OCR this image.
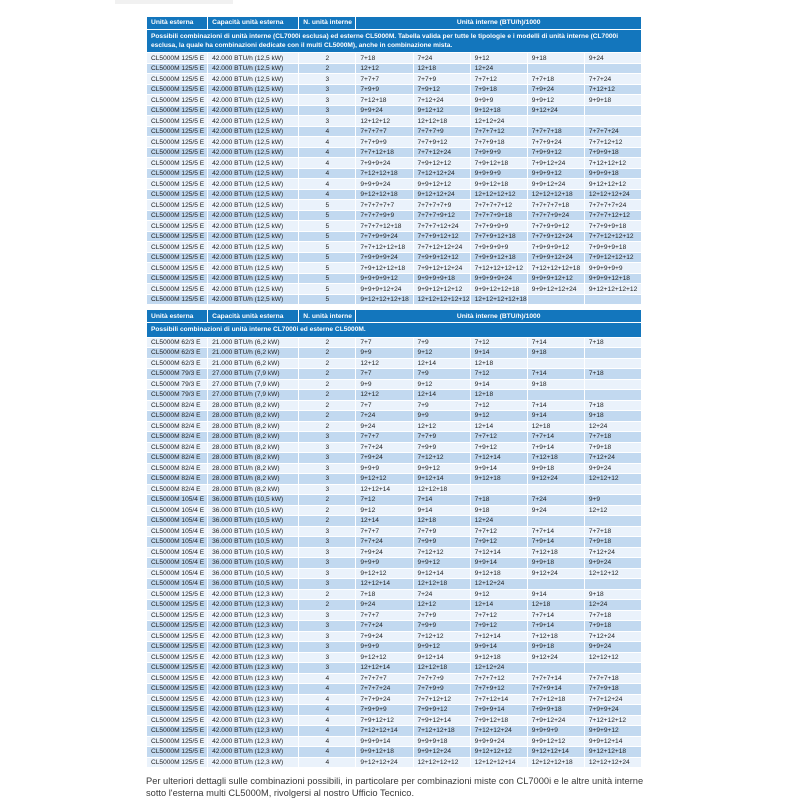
Unità esterna	Capacità unità esterna	N. unità interne	Unità interne (BTU/h)/1000				
Possibili combinazioni di unità interne (CL7000i esclusa) ed esterne CL5000M. Tabella valida per tutte le tipologie e i modelli di unità interne (CL7000i esclusa, la quale ha combinazioni dedicate con il multi CL5000M), anche in combinazione mista.							
CL5000M 125/5 E	42.000 BTU/h (12,5 kW)	2	7+18	7+24	9+12	9+18	9+24
CL5000M 125/5 E	42.000 BTU/h (12,5 kW)	2	12+12	12+18	12+24		
CL5000M 125/5 E	42.000 BTU/h (12,5 kW)	3	7+7+7	7+7+9	7+7+12	7+7+18	7+7+24
CL5000M 125/5 E	42.000 BTU/h (12,5 kW)	3	7+9+9	7+9+12	7+9+18	7+9+24	7+12+12
CL5000M 125/5 E	42.000 BTU/h (12,5 kW)	3	7+12+18	7+12+24	9+9+9	9+9+12	9+9+18
CL5000M 125/5 E	42.000 BTU/h (12,5 kW)	3	9+9+24	9+12+12	9+12+18	9+12+24	
CL5000M 125/5 E	42.000 BTU/h (12,5 kW)	3	12+12+12	12+12+18	12+12+24		
CL5000M 125/5 E	42.000 BTU/h (12,5 kW)	4	7+7+7+7	7+7+7+9	7+7+7+12	7+7+7+18	7+7+7+24
CL5000M 125/5 E	42.000 BTU/h (12,5 kW)	4	7+7+9+9	7+7+9+12	7+7+9+18	7+7+9+24	7+7+12+12
CL5000M 125/5 E	42.000 BTU/h (12,5 kW)	4	7+7+12+18	7+7+12+24	7+9+9+9	7+9+9+12	7+9+9+18
CL5000M 125/5 E	42.000 BTU/h (12,5 kW)	4	7+9+9+24	7+9+12+12	7+9+12+18	7+9+12+24	7+12+12+12
CL5000M 125/5 E	42.000 BTU/h (12,5 kW)	4	7+12+12+18	7+12+12+24	9+9+9+9	9+9+9+12	9+9+9+18
CL5000M 125/5 E	42.000 BTU/h (12,5 kW)	4	9+9+9+24	9+9+12+12	9+9+12+18	9+9+12+24	9+12+12+12
CL5000M 125/5 E	42.000 BTU/h (12,5 kW)	4	9+12+12+18	9+12+12+24	12+12+12+12	12+12+12+18	12+12+12+24
CL5000M 125/5 E	42.000 BTU/h (12,5 kW)	5	7+7+7+7+7	7+7+7+7+9	7+7+7+7+12	7+7+7+7+18	7+7+7+7+24
CL5000M 125/5 E	42.000 BTU/h (12,5 kW)	5	7+7+7+9+9	7+7+7+9+12	7+7+7+9+18	7+7+7+9+24	7+7+7+12+12
CL5000M 125/5 E	42.000 BTU/h (12,5 kW)	5	7+7+7+12+18	7+7+7+12+24	7+7+9+9+9	7+7+9+9+12	7+7+9+9+18
CL5000M 125/5 E	42.000 BTU/h (12,5 kW)	5	7+7+9+9+24	7+7+9+12+12	7+7+9+12+18	7+7+9+12+24	7+7+12+12+12
CL5000M 125/5 E	42.000 BTU/h (12,5 kW)	5	7+7+12+12+18	7+7+12+12+24	7+9+9+9+9	7+9+9+9+12	7+9+9+9+18
CL5000M 125/5 E	42.000 BTU/h (12,5 kW)	5	7+9+9+9+24	7+9+9+12+12	7+9+9+12+18	7+9+9+12+24	7+9+12+12+12
CL5000M 125/5 E	42.000 BTU/h (12,5 kW)	5	7+9+12+12+18	7+9+12+12+24	7+12+12+12+12	7+12+12+12+18	9+9+9+9+9
CL5000M 125/5 E	42.000 BTU/h (12,5 kW)	5	9+9+9+9+12	9+9+9+9+18	9+9+9+9+24	9+9+9+12+12	9+9+9+12+18
CL5000M 125/5 E	42.000 BTU/h (12,5 kW)	5	9+9+9+12+24	9+9+12+12+12	9+9+12+12+18	9+9+12+12+24	9+12+12+12+12
CL5000M 125/5 E	42.000 BTU/h (12,5 kW)	5	9+12+12+12+18	12+12+12+12+12	12+12+12+12+18		
Unità esterna	Capacità unità esterna	N. unità interne	Unità interne (BTU/h)/1000				
Possibili combinazioni di unità interne CL7000i ed esterne CL5000M.							
CL5000M 62/3 E	21.000 BTU/h (6,2 kW)	2	7+7	7+9	7+12	7+14	7+18
CL5000M 62/3 E	21.000 BTU/h (6,2 kW)	2	9+9	9+12	9+14	9+18	
CL5000M 62/3 E	21.000 BTU/h (6,2 kW)	2	12+12	12+14	12+18		
CL5000M 79/3 E	27.000 BTU/h (7,9 kW)	2	7+7	7+9	7+12	7+14	7+18
CL5000M 79/3 E	27.000 BTU/h (7,9 kW)	2	9+9	9+12	9+14	9+18	
CL5000M 79/3 E	27.000 BTU/h (7,9 kW)	2	12+12	12+14	12+18		
CL5000M 82/4 E	28.000 BTU/h (8,2 kW)	2	7+7	7+9	7+12	7+14	7+18
CL5000M 82/4 E	28.000 BTU/h (8,2 kW)	2	7+24	9+9	9+12	9+14	9+18
CL5000M 82/4 E	28.000 BTU/h (8,2 kW)	2	9+24	12+12	12+14	12+18	12+24
CL5000M 82/4 E	28.000 BTU/h (8,2 kW)	3	7+7+7	7+7+9	7+7+12	7+7+14	7+7+18
CL5000M 82/4 E	28.000 BTU/h (8,2 kW)	3	7+7+24	7+9+9	7+9+12	7+9+14	7+9+18
CL5000M 82/4 E	28.000 BTU/h (8,2 kW)	3	7+9+24	7+12+12	7+12+14	7+12+18	7+12+24
CL5000M 82/4 E	28.000 BTU/h (8,2 kW)	3	9+9+9	9+9+12	9+9+14	9+9+18	9+9+24
CL5000M 82/4 E	28.000 BTU/h (8,2 kW)	3	9+12+12	9+12+14	9+12+18	9+12+24	12+12+12
CL5000M 82/4 E	28.000 BTU/h (8,2 kW)	3	12+12+14	12+12+18			
CL5000M 105/4 E	36.000 BTU/h (10,5 kW)	2	7+12	7+14	7+18	7+24	9+9
CL5000M 105/4 E	36.000 BTU/h (10,5 kW)	2	9+12	9+14	9+18	9+24	12+12
CL5000M 105/4 E	36.000 BTU/h (10,5 kW)	2	12+14	12+18	12+24		
CL5000M 105/4 E	36.000 BTU/h (10,5 kW)	3	7+7+7	7+7+9	7+7+12	7+7+14	7+7+18
CL5000M 105/4 E	36.000 BTU/h (10,5 kW)	3	7+7+24	7+9+9	7+9+12	7+9+14	7+9+18
CL5000M 105/4 E	36.000 BTU/h (10,5 kW)	3	7+9+24	7+12+12	7+12+14	7+12+18	7+12+24
CL5000M 105/4 E	36.000 BTU/h (10,5 kW)	3	9+9+9	9+9+12	9+9+14	9+9+18	9+9+24
CL5000M 105/4 E	36.000 BTU/h (10,5 kW)	3	9+12+12	9+12+14	9+12+18	9+12+24	12+12+12
CL5000M 105/4 E	36.000 BTU/h (10,5 kW)	3	12+12+14	12+12+18	12+12+24		
CL5000M 125/5 E	42.000 BTU/h (12,3 kW)	2	7+18	7+24	9+12	9+14	9+18
CL5000M 125/5 E	42.000 BTU/h (12,3 kW)	2	9+24	12+12	12+14	12+18	12+24
CL5000M 125/5 E	42.000 BTU/h (12,3 kW)	3	7+7+7	7+7+9	7+7+12	7+7+14	7+7+18
CL5000M 125/5 E	42.000 BTU/h (12,3 kW)	3	7+7+24	7+9+9	7+9+12	7+9+14	7+9+18
CL5000M 125/5 E	42.000 BTU/h (12,3 kW)	3	7+9+24	7+12+12	7+12+14	7+12+18	7+12+24
CL5000M 125/5 E	42.000 BTU/h (12,3 kW)	3	9+9+9	9+9+12	9+9+14	9+9+18	9+9+24
CL5000M 125/5 E	42.000 BTU/h (12,3 kW)	3	9+12+12	9+12+14	9+12+18	9+12+24	12+12+12
CL5000M 125/5 E	42.000 BTU/h (12,3 kW)	3	12+12+14	12+12+18	12+12+24		
CL5000M 125/5 E	42.000 BTU/h (12,3 kW)	4	7+7+7+7	7+7+7+9	7+7+7+12	7+7+7+14	7+7+7+18
CL5000M 125/5 E	42.000 BTU/h (12,3 kW)	4	7+7+7+24	7+7+9+9	7+7+9+12	7+7+9+14	7+7+9+18
CL5000M 125/5 E	42.000 BTU/h (12,3 kW)	4	7+7+9+24	7+7+12+12	7+7+12+14	7+7+12+18	7+7+12+24
CL5000M 125/5 E	42.000 BTU/h (12,3 kW)	4	7+9+9+9	7+9+9+12	7+9+9+14	7+9+9+18	7+9+9+24
CL5000M 125/5 E	42.000 BTU/h (12,3 kW)	4	7+9+12+12	7+9+12+14	7+9+12+18	7+9+12+24	7+12+12+12
CL5000M 125/5 E	42.000 BTU/h (12,3 kW)	4	7+12+12+14	7+12+12+18	7+12+12+24	9+9+9+9	9+9+9+12
CL5000M 125/5 E	42.000 BTU/h (12,3 kW)	4	9+9+9+14	9+9+9+18	9+9+9+24	9+9+12+12	9+9+12+14
CL5000M 125/5 E	42.000 BTU/h (12,3 kW)	4	9+9+12+18	9+9+12+24	9+12+12+12	9+12+12+14	9+12+12+18
CL5000M 125/5 E	42.000 BTU/h (12,3 kW)	4	9+12+12+24	12+12+12+12	12+12+12+14	12+12+12+18	12+12+12+24

Per ulteriori dettagli sulle combinazioni possibili, in particolare per combinazioni miste con CL7000i e le altre unità interne sotto l'esterna multi CL5000M, rivolgersi al nostro Ufficio Tecnico.
